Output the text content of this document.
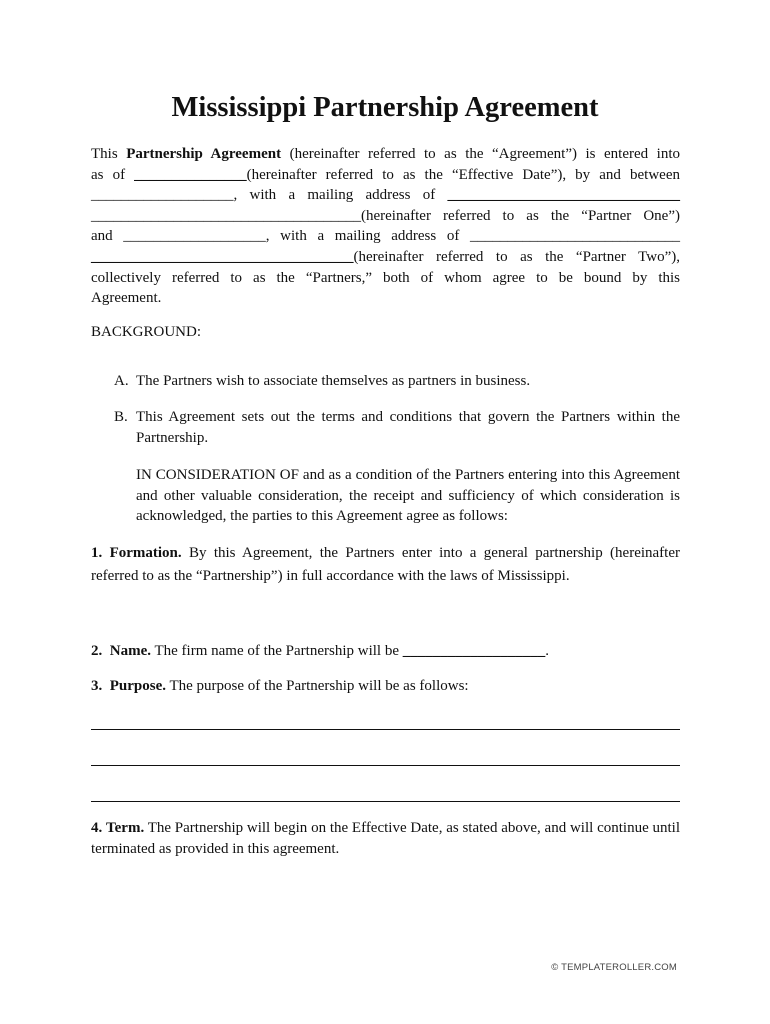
Mississippi Partnership Agreement
This Partnership Agreement (hereinafter referred to as the “Agreement”) is entered into
as of _______________(hereinafter referred to as the “Effective Date”), by and between
___________________, with a mailing address of _______________________________
____________________________________(hereinafter referred to as the “Partner One”)
and ___________________, with a mailing address of ____________________________
___________________________________(hereinafter referred to as the “Partner Two”),
collectively referred to as the “Partners,” both of whom agree to be bound by this
Agreement.
BACKGROUND:
A. The Partners wish to associate themselves as partners in business.
B. This Agreement sets out the terms and conditions that govern the Partners within the Partnership.
IN CONSIDERATION OF and as a condition of the Partners entering into this Agreement and other valuable consideration, the receipt and sufficiency of which consideration is acknowledged, the parties to this Agreement agree as follows:

1. Formation. By this Agreement, the Partners enter into a general partnership (hereinafter referred to as the “Partnership”) in full accordance with the laws of Mississippi.

2. Name. The firm name of the Partnership will be ___________________.
3. Purpose. The purpose of the Partnership will be as follows:

4. Term. The Partnership will begin on the Effective Date, as stated above, and will continue until terminated as provided in this agreement.

© TEMPLATEROLLER.COM
